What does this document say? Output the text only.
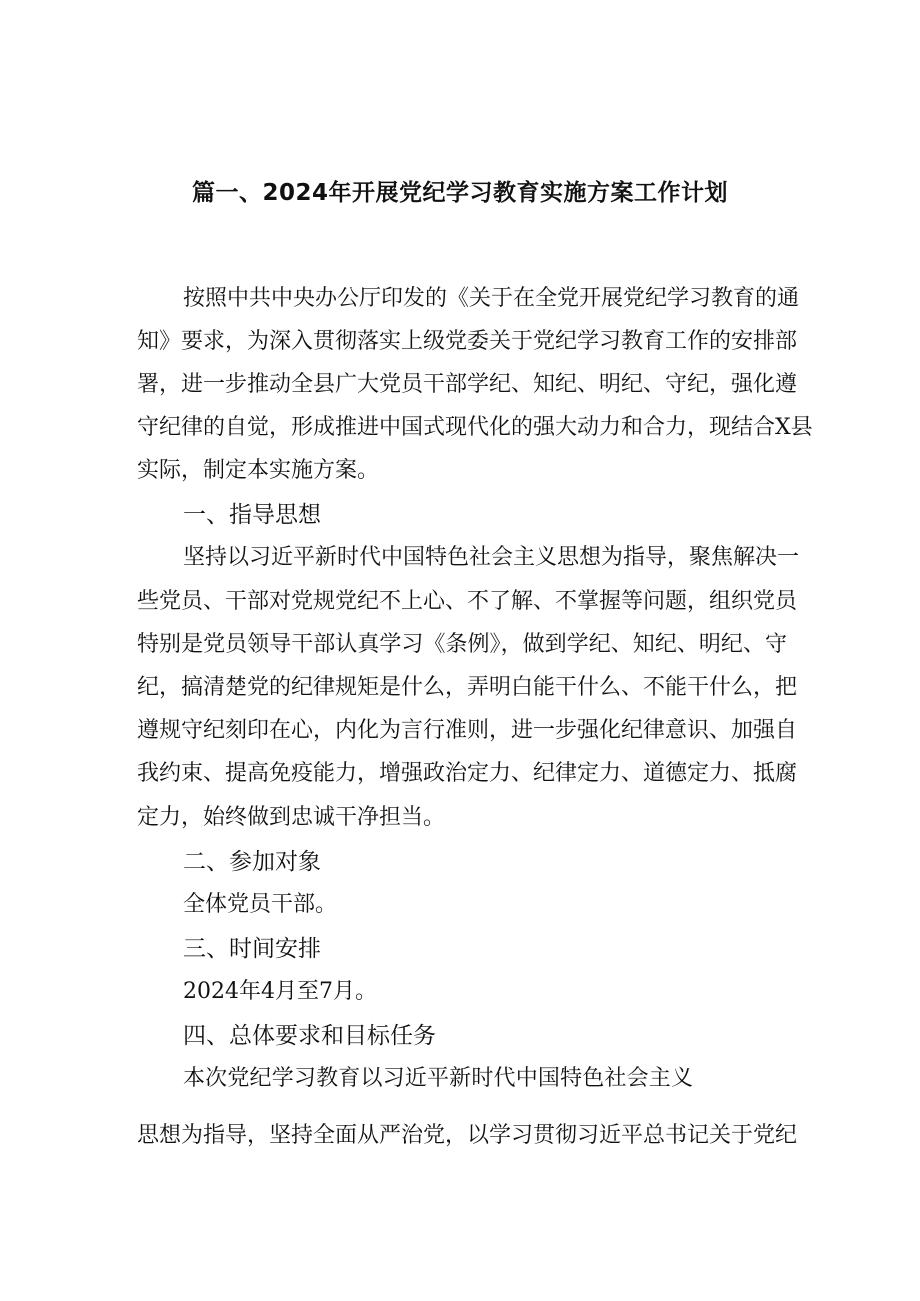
篇一、2024年开展党纪学习教育实施方案工作计划
按照中共中央办公厅印发的《关于在全党开展党纪学习教育的通
知》要求，为深入贯彻落实上级党委关于党纪学习教育工作的安排部
署，进一步推动全县广大党员干部学纪、知纪、明纪、守纪，强化遵
守纪律的自觉，形成推进中国式现代化的强大动力和合力，现结合X县
实际，制定本实施方案。
一、指导思想
坚持以习近平新时代中国特色社会主义思想为指导，聚焦解决一
些党员、干部对党规党纪不上心、不了解、不掌握等问题，组织党员
特别是党员领导干部认真学习《条例》，做到学纪、知纪、明纪、守
纪，搞清楚党的纪律规矩是什么，弄明白能干什么、不能干什么，把
遵规守纪刻印在心，内化为言行准则，进一步强化纪律意识、加强自
我约束、提高免疫能力，增强政治定力、纪律定力、道德定力、抵腐
定力，始终做到忠诚干净担当。
二、参加对象
全体党员干部。
三、时间安排
2024年4月至7月。
四、总体要求和目标任务
本次党纪学习教育以习近平新时代中国特色社会主义
思想为指导，坚持全面从严治党，以学习贯彻习近平总书记关于党纪
